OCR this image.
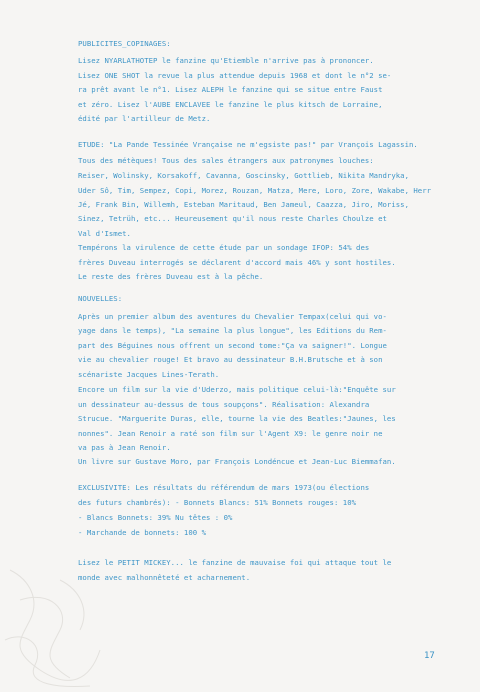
PUBLICITES_COPINAGES:
Lisez NYARLATHOTEP le fanzine qu'Etiemble n'arrive pas à prononcer.
Lisez ONE SHOT la revue la plus attendue depuis 1968 et dont le n°2 se-
ra prêt avant le n°1. Lisez ALEPH le fanzine qui se situe entre Faust
et zéro. Lisez l'AUBE ENCLAVEE le fanzine le plus kitsch de Lorraine,
édité par l'artilleur de Metz.
ETUDE: "La Pande Tessinée Vrançaise ne m'egsiste pas!" par Vrançois Lagassin.
Tous des métèques! Tous des sales étrangers aux patronymes louches:
Reiser, Wolinsky, Korsakoff, Cavanna, Goscinsky, Gottlieb, Nikita Mandryka,
Uder Sô, Tim, Sempez, Copi, Morez, Rouzan, Matza, Mere, Loro, Zore, Wakabe, Herr
Jé, Frank Bin, Willemh, Esteban Maritaud, Ben Jameul, Caazza, Jiro, Moriss,
Sinez, Tetrüh, etc... Heureusement qu'il nous reste Charles Choulze et
Val d'Ismet.
Tempérons la virulence de cette étude par un sondage IFOP: 54% des
frères Duveau interrogés se déclarent d'accord mais 46% y sont hostiles.
Le reste des frères Duveau est à la pêche.
NOUVELLES:
Après un premier album des aventures du Chevalier Tempax(celui qui vo-
yage dans le temps), "La semaine la plus longue", les Editions du Rem-
part des Béguines nous offrent un second tome:"Ça va saigner!". Longue
vie au chevalier rouge! Et bravo au dessinateur B.H.Brutsche et à son
scénariste Jacques Lines-Terath.
Encore un film sur la vie d'Uderzo, mais politique celui-là:"Enquête sur
un dessinateur au-dessus de tous soupçons". Réalisation: Alexandra
Strucue. "Marguerite Duras, elle, tourne la vie des Beatles:"Jaunes, les
nonnes". Jean Renoir a raté son film sur l'Agent X9: le genre noir ne
va pas à Jean Renoir.
Un livre sur Gustave Moro, par François Londéncue et Jean-Luc Biemmafan.
EXCLUSIVITE: Les résultats du référendum de mars 1973(ou élections
des futurs chambrés): - Bonnets Blancs: 51% Bonnets rouges: 10%
- Blancs Bonnets: 39% Nu têtes : 0%
- Marchande de bonnets: 100 %
Lisez le PETIT MICKEY... le fanzine de mauvaise foi qui attaque tout le
monde avec malhonnêteté et acharnement.
17
